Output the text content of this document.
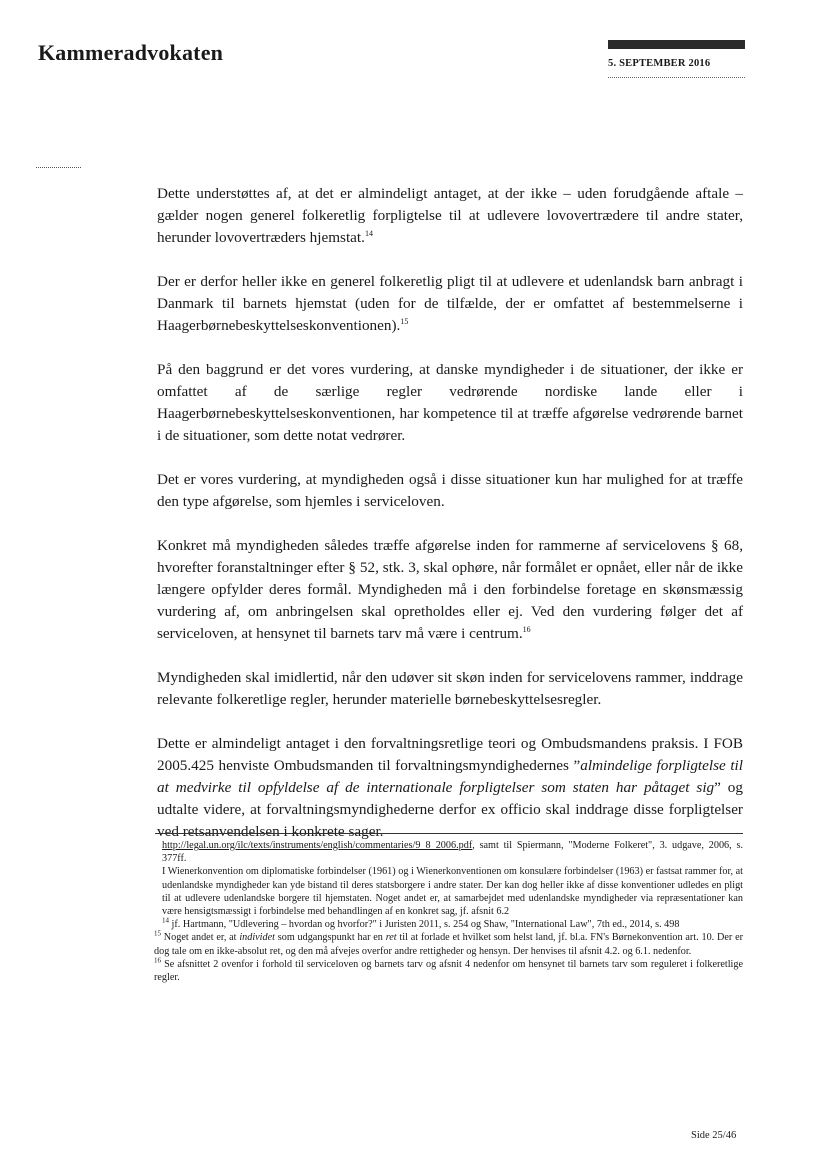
Kammeradvokaten	5. SEPTEMBER 2016

Dette understøttes af, at det er almindeligt antaget, at der ikke – uden forudgående aftale – gælder nogen generel folkeretlig forpligtelse til at udlevere lovovertrædere til andre stater, herunder lovovertræders hjemstat.$^{14}$

Der er derfor heller ikke en generel folkeretlig pligt til at udlevere et udenlandsk barn anbragt i Danmark til barnets hjemstat (uden for de tilfælde, der er omfattet af bestemmelserne i Haagerbørnebeskyttelseskonventionen).$^{15}$

På den baggrund er det vores vurdering, at danske myndigheder i de situationer, der ikke er omfattet af de særlige regler vedrørende nordiske lande eller i Haagerbørnebeskyttelseskonventionen, har kompetence til at træffe afgørelse vedrørende barnet i de situationer, som dette notat vedrører.

Det er vores vurdering, at myndigheden også i disse situationer kun har mulighed for at træffe den type afgørelse, som hjemles i serviceloven.

Konkret må myndigheden således træffe afgørelse inden for rammerne af servicelovens § 68, hvorefter foranstaltninger efter § 52, stk. 3, skal ophøre, når formålet er opnået, eller når de ikke længere opfylder deres formål. Myndigheden må i den forbindelse foretage en skønsmæssig vurdering af, om anbringelsen skal opretholdes eller ej. Ved den vurdering følger det af serviceloven, at hensynet til barnets tarv må være i centrum.$^{16}$

Myndigheden skal imidlertid, når den udøver sit skøn inden for servicelovens rammer, inddrage relevante folkeretlige regler, herunder materielle børnebeskyttelsesregler.

Dette er almindeligt antaget i den forvaltningsretlige teori og Ombudsmandens praksis. I FOB 2005.425 henviste Ombudsmanden til forvaltningsmyndighedernes ”almindelige forpligtelse til at medvirke til opfyldelse af de internationale forpligtelser som staten har påtaget sig” og udtalte videre, at forvaltningsmyndighederne derfor ex officio skal inddrage disse forpligtelser ved retsanvendelsen i konkrete sager.

http://legal.un.org/ilc/texts/instruments/english/commentaries/9_8_2006.pdf, samt til Spiermann, "Moderne Folkeret", 3. udgave, 2006, s. 377ff.

I Wienerkonvention om diplomatiske forbindelser (1961) og i Wienerkonventionen om konsulære forbindelser (1963) er fastsat rammer for, at udenlandske myndigheder kan yde bistand til deres statsborgere i andre stater. Der kan dog heller ikke af disse konventioner udledes en pligt til at udlevere udenlandske borgere til hjemstaten. Noget andet er, at samarbejdet med udenlandske myndigheder via repræsentationer kan være hensigtsmæssigt i forbindelse med behandlingen af en konkret sag, jf. afsnit 6.2

$^{14}$ jf. Hartmann, "Udlevering – hvordan og hvorfor?" i Juristen 2011, s. 254 og Shaw, "International Law", 7th ed., 2014, s. 498

$^{15}$ Noget andet er, at individet som udgangspunkt har en ret til at forlade et hvilket som helst land, jf. bl.a. FN's Børnekonvention art. 10. Der er dog tale om en ikke-absolut ret, og den må afvejes overfor andre rettigheder og hensyn. Der henvises til afsnit 4.2. og 6.1. nedenfor.

$^{16}$ Se afsnittet 2 ovenfor i forhold til serviceloven og barnets tarv og afsnit 4 nedenfor om hensynet til barnets tarv som reguleret i folkeretlige regler.

Side 25/46
